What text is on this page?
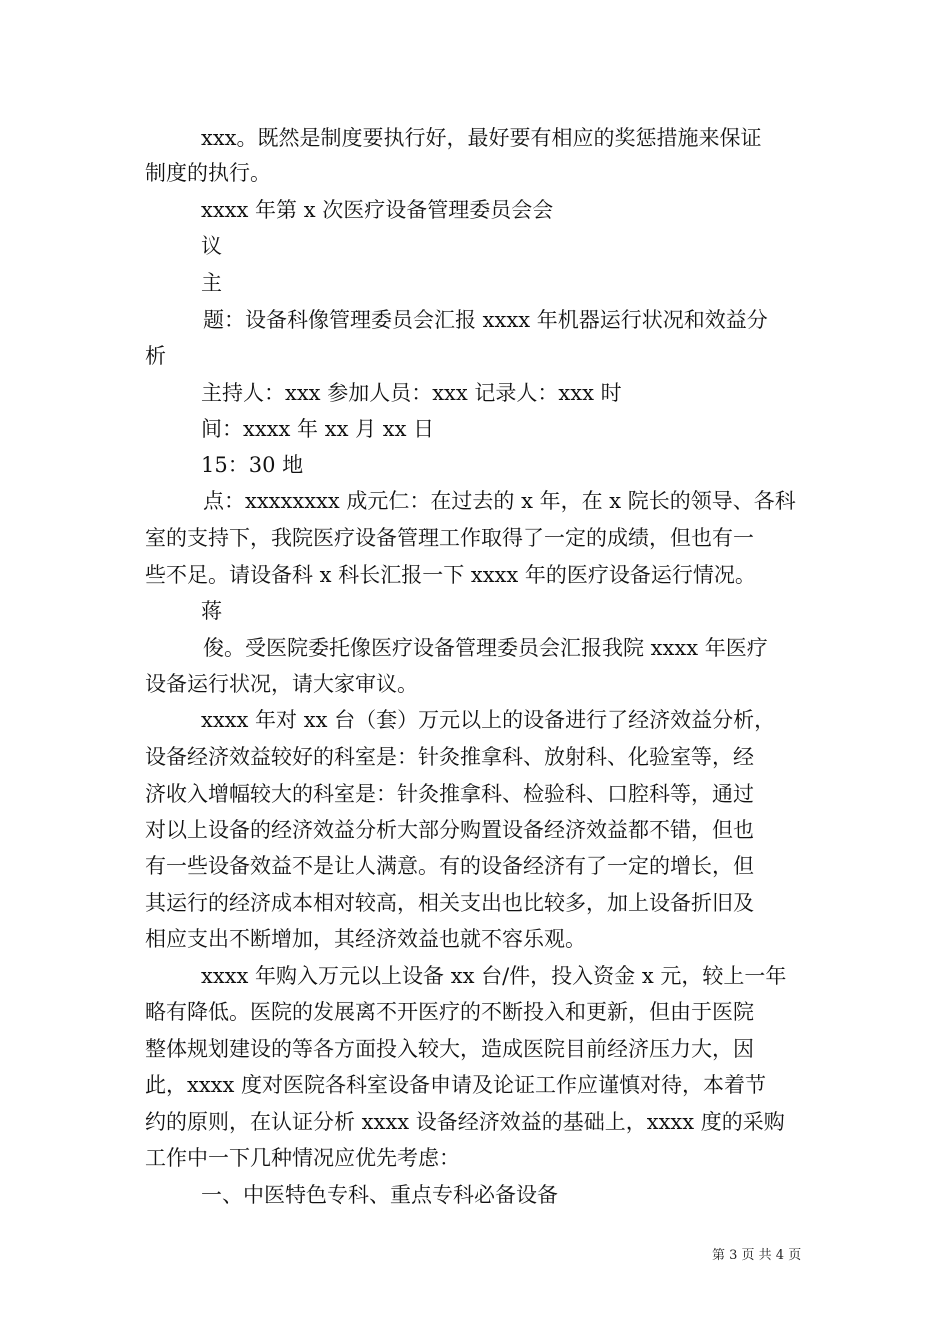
xxx。既然是制度要执行好，最好要有相应的奖惩措施来保证
制度的执行。
xxxx 年第 x 次医疗设备管理委员会会
议
主
题：设备科像管理委员会汇报 xxxx 年机器运行状况和效益分
析
主持人：xxx 参加人员：xxx 记录人：xxx 时
间：xxxx 年 xx 月 xx 日
15：30 地
点：xxxxxxxx 成元仁：在过去的 x 年，在 x 院长的领导、各科
室的支持下，我院医疗设备管理工作取得了一定的成绩，但也有一
些不足。请设备科 x 科长汇报一下 xxxx 年的医疗设备运行情况。
蒋
俊。受医院委托像医疗设备管理委员会汇报我院 xxxx 年医疗
设备运行状况，请大家审议。
xxxx 年对 xx 台（套）万元以上的设备进行了经济效益分析，
设备经济效益较好的科室是：针灸推拿科、放射科、化验室等，经
济收入增幅较大的科室是：针灸推拿科、检验科、口腔科等，通过
对以上设备的经济效益分析大部分购置设备经济效益都不错，但也
有一些设备效益不是让人满意。有的设备经济有了一定的增长，但
其运行的经济成本相对较高，相关支出也比较多，加上设备折旧及
相应支出不断增加，其经济效益也就不容乐观。
xxxx 年购入万元以上设备 xx 台/件，投入资金 x 元，较上一年
略有降低。医院的发展离不开医疗的不断投入和更新，但由于医院
整体规划建设的等各方面投入较大，造成医院目前经济压力大，因
此，xxxx 度对医院各科室设备申请及论证工作应谨慎对待，本着节
约的原则，在认证分析 xxxx 设备经济效益的基础上，xxxx 度的采购
工作中一下几种情况应优先考虑：
一、中医特色专科、重点专科必备设备
第 3 页 共 4 页
